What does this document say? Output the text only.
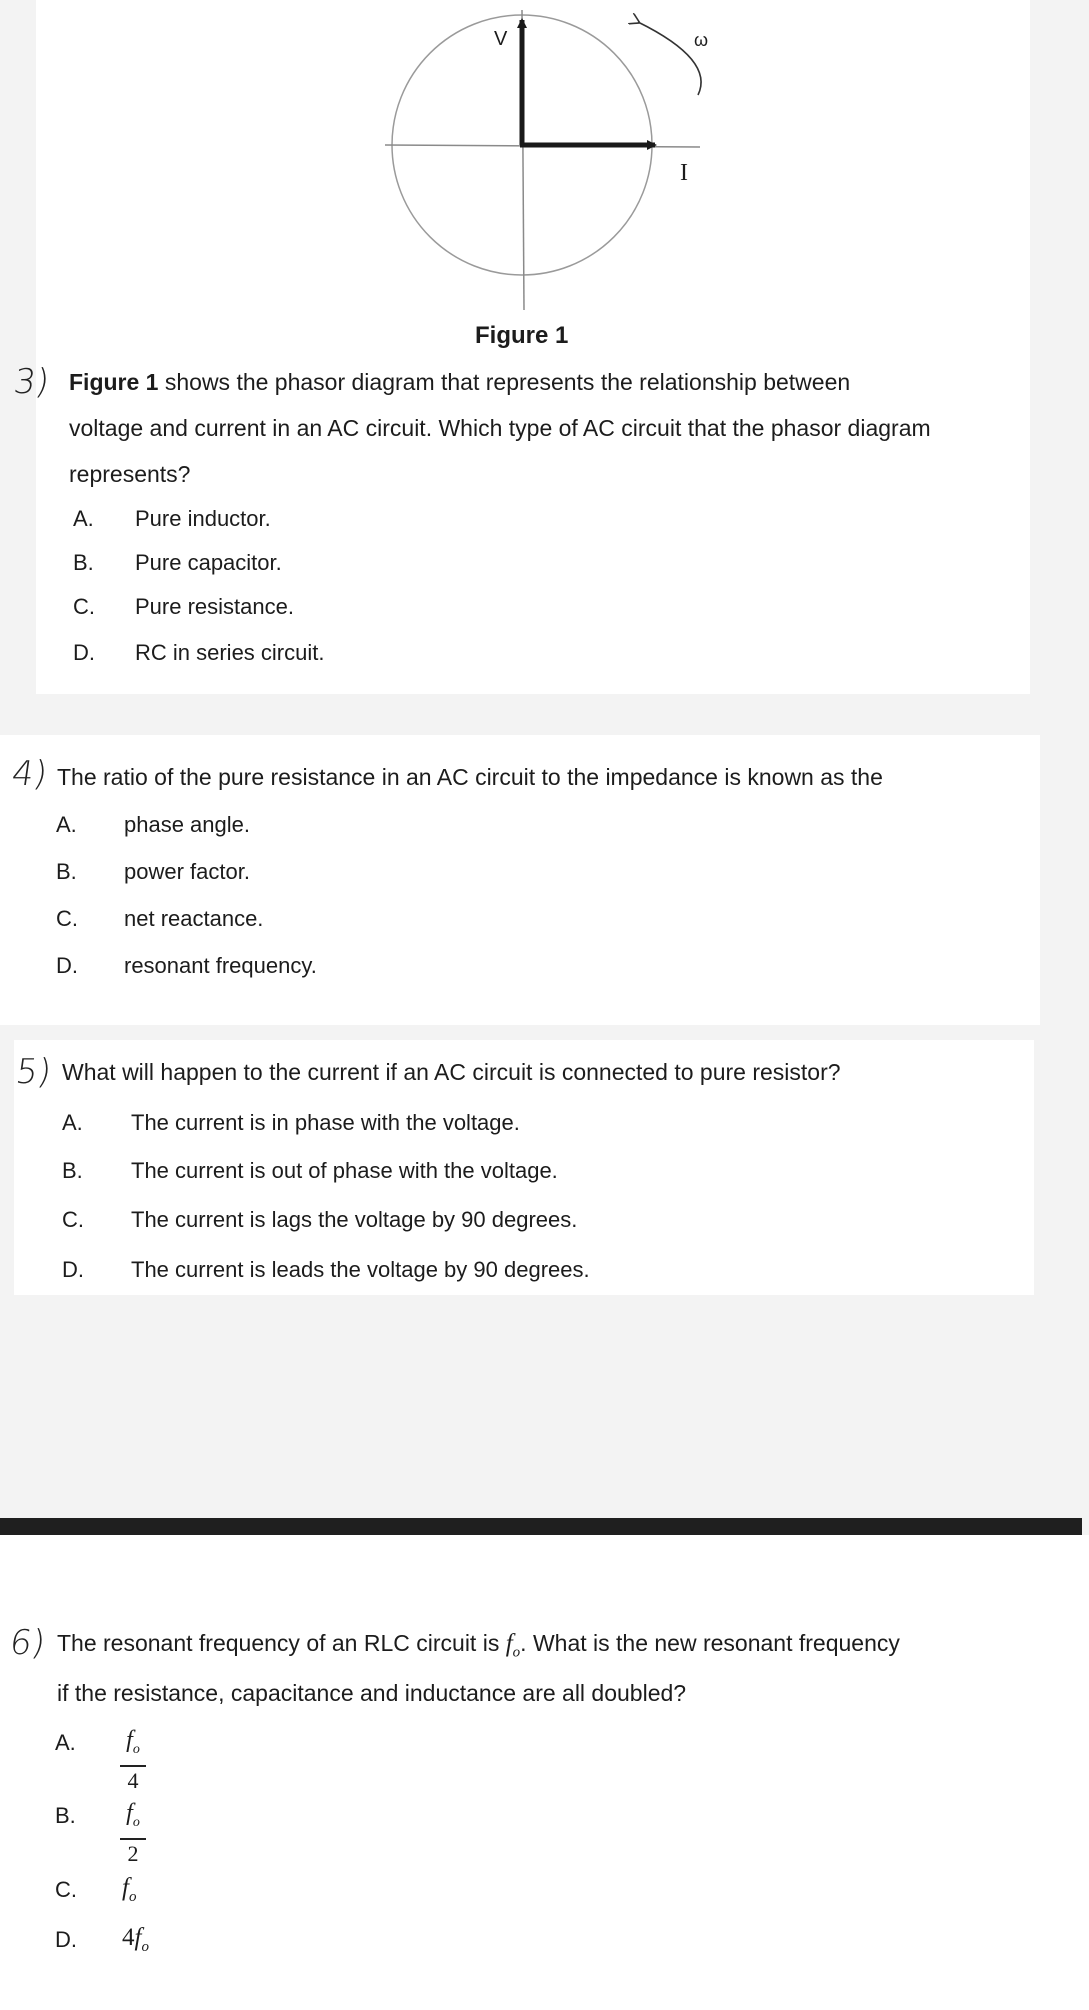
V	ω
I
Figure 1
3) Figure 1 shows the phasor diagram that represents the relationship between
voltage and current in an AC circuit. Which type of AC circuit that the phasor diagram
represents?
A. Pure inductor.
B. Pure capacitor.
C. Pure resistance.
D. RC in series circuit.
4) The ratio of the pure resistance in an AC circuit to the impedance is known as the
A. phase angle.
B. power factor.
C. net reactance.
D. resonant frequency.
5) What will happen to the current if an AC circuit is connected to pure resistor?
A. The current is in phase with the voltage.
B. The current is out of phase with the voltage.
C. The current is lags the voltage by 90 degrees.
D. The current is leads the voltage by 90 degrees.
6) The resonant frequency of an RLC circuit is $f_o$. What is the new resonant frequency
if the resistance, capacitance and inductance are all doubled?
A. $f_o$
4
B. $f_o$
2
C. $f_o$
D. $4f_o$
